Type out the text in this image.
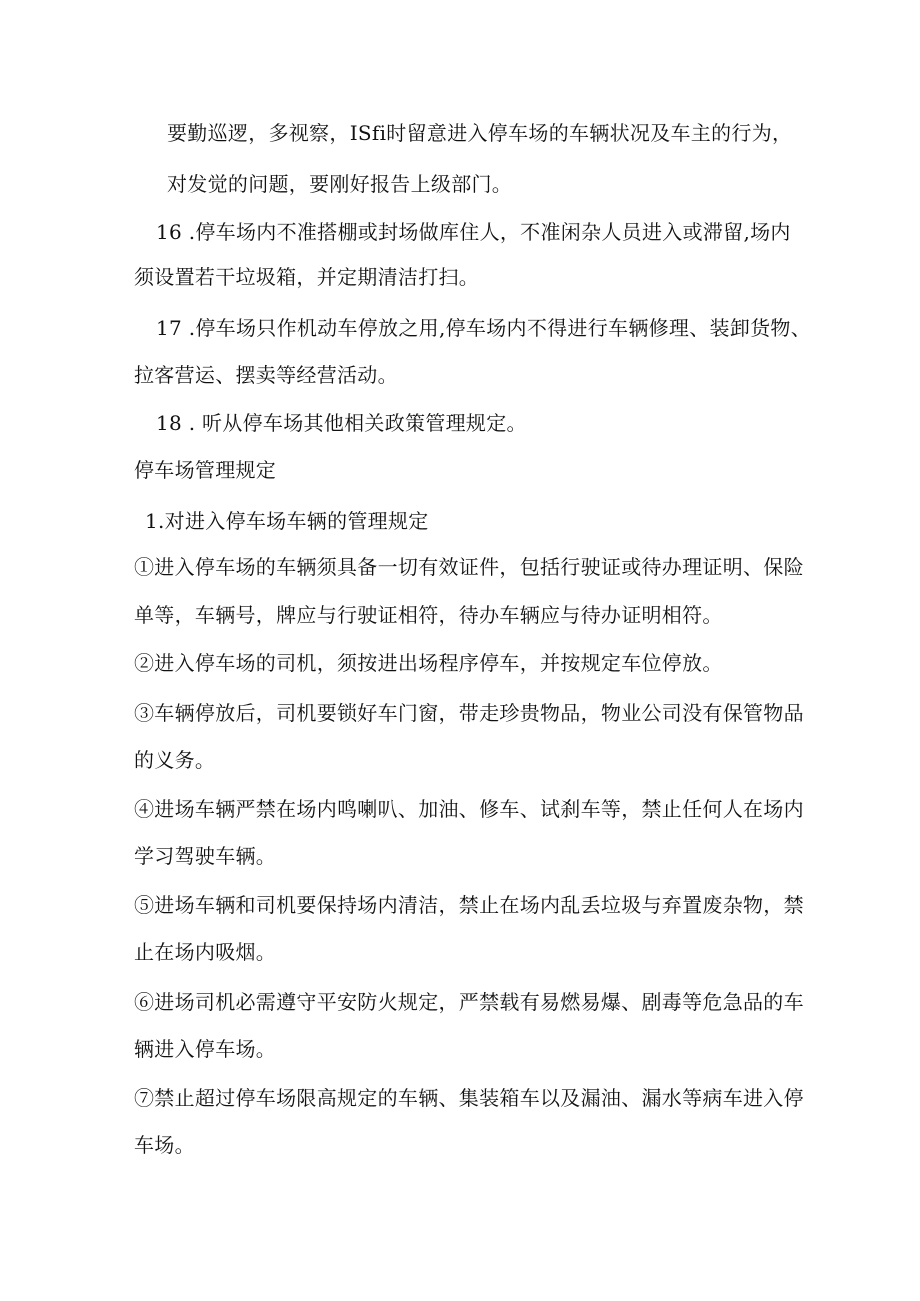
要勤巡逻，多视察，ISfi时留意进入停车场的车辆状况及车主的行为，
对发觉的问题，要刚好报告上级部门。
16 .停车场内不准搭棚或封场做库住人，不准闲杂人员进入或滞留,场内
须设置若干垃圾箱，并定期清洁打扫。
17 .停车场只作机动车停放之用,停车场内不得进行车辆修理、装卸货物、
拉客营运、摆卖等经营活动。
18 . 听从停车场其他相关政策管理规定。
停车场管理规定
1.对进入停车场车辆的管理规定
①进入停车场的车辆须具备一切有效证件，包括行驶证或待办理证明、保险
单等，车辆号，牌应与行驶证相符，待办车辆应与待办证明相符。
②进入停车场的司机，须按进出场程序停车，并按规定车位停放。
③车辆停放后，司机要锁好车门窗，带走珍贵物品，物业公司没有保管物品
的义务。
④进场车辆严禁在场内鸣喇叭、加油、修车、试刹车等，禁止任何人在场内
学习驾驶车辆。
⑤进场车辆和司机要保持场内清洁，禁止在场内乱丢垃圾与弃置废杂物，禁
止在场内吸烟。
⑥进场司机必需遵守平安防火规定，严禁载有易燃易爆、剧毒等危急品的车
辆进入停车场。
⑦禁止超过停车场限高规定的车辆、集装箱车以及漏油、漏水等病车进入停
车场。
